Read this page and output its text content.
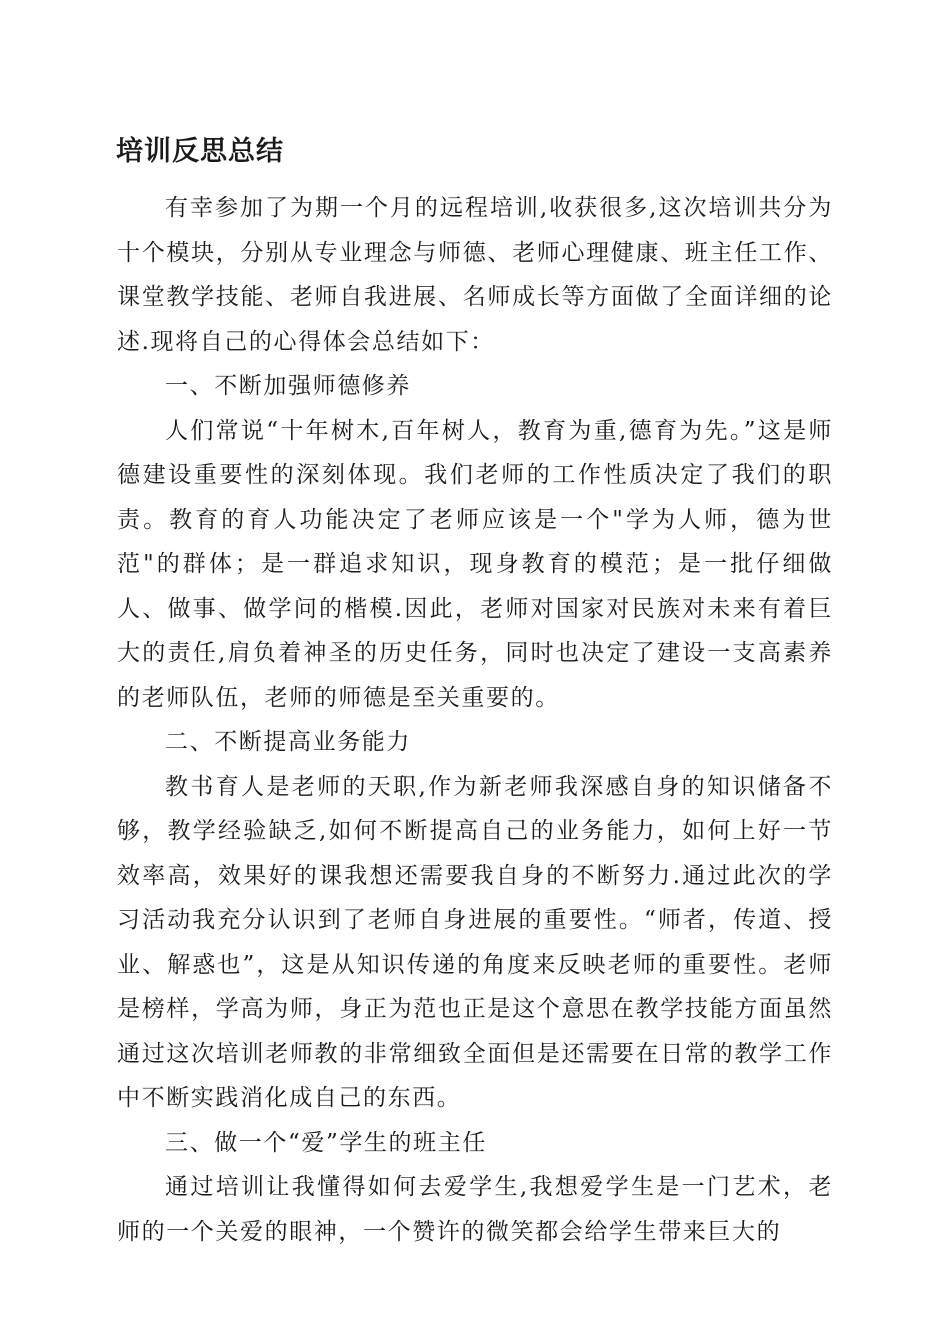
培训反思总结

有幸参加了为期一个月的远程培训,收获很多,这次培训共分为十个模块，分别从专业理念与师德、老师心理健康、班主任工作、课堂教学技能、老师自我进展、名师成长等方面做了全面详细的论述.现将自己的心得体会总结如下：

一、不断加强师德修养

人们常说“十年树木,百年树人，教育为重,德育为先。”这是师德建设重要性的深刻体现。我们老师的工作性质决定了我们的职责。教育的育人功能决定了老师应该是一个"学为人师，德为世范"的群体；是一群追求知识，现身教育的模范；是一批仔细做人、做事、做学问的楷模.因此，老师对国家对民族对未来有着巨大的责任,肩负着神圣的历史任务，同时也决定了建设一支高素养的老师队伍，老师的师德是至关重要的。

二、不断提高业务能力

教书育人是老师的天职,作为新老师我深感自身的知识储备不够，教学经验缺乏,如何不断提高自己的业务能力，如何上好一节效率高，效果好的课我想还需要我自身的不断努力.通过此次的学习活动我充分认识到了老师自身进展的重要性。“师者，传道、授业、解惑也”，这是从知识传递的角度来反映老师的重要性。老师是榜样，学高为师，身正为范也正是这个意思在教学技能方面虽然通过这次培训老师教的非常细致全面但是还需要在日常的教学工作中不断实践消化成自己的东西。

三、做一个“爱”学生的班主任

通过培训让我懂得如何去爱学生,我想爱学生是一门艺术，老师的一个关爱的眼神，一个赞许的微笑都会给学生带来巨大的
